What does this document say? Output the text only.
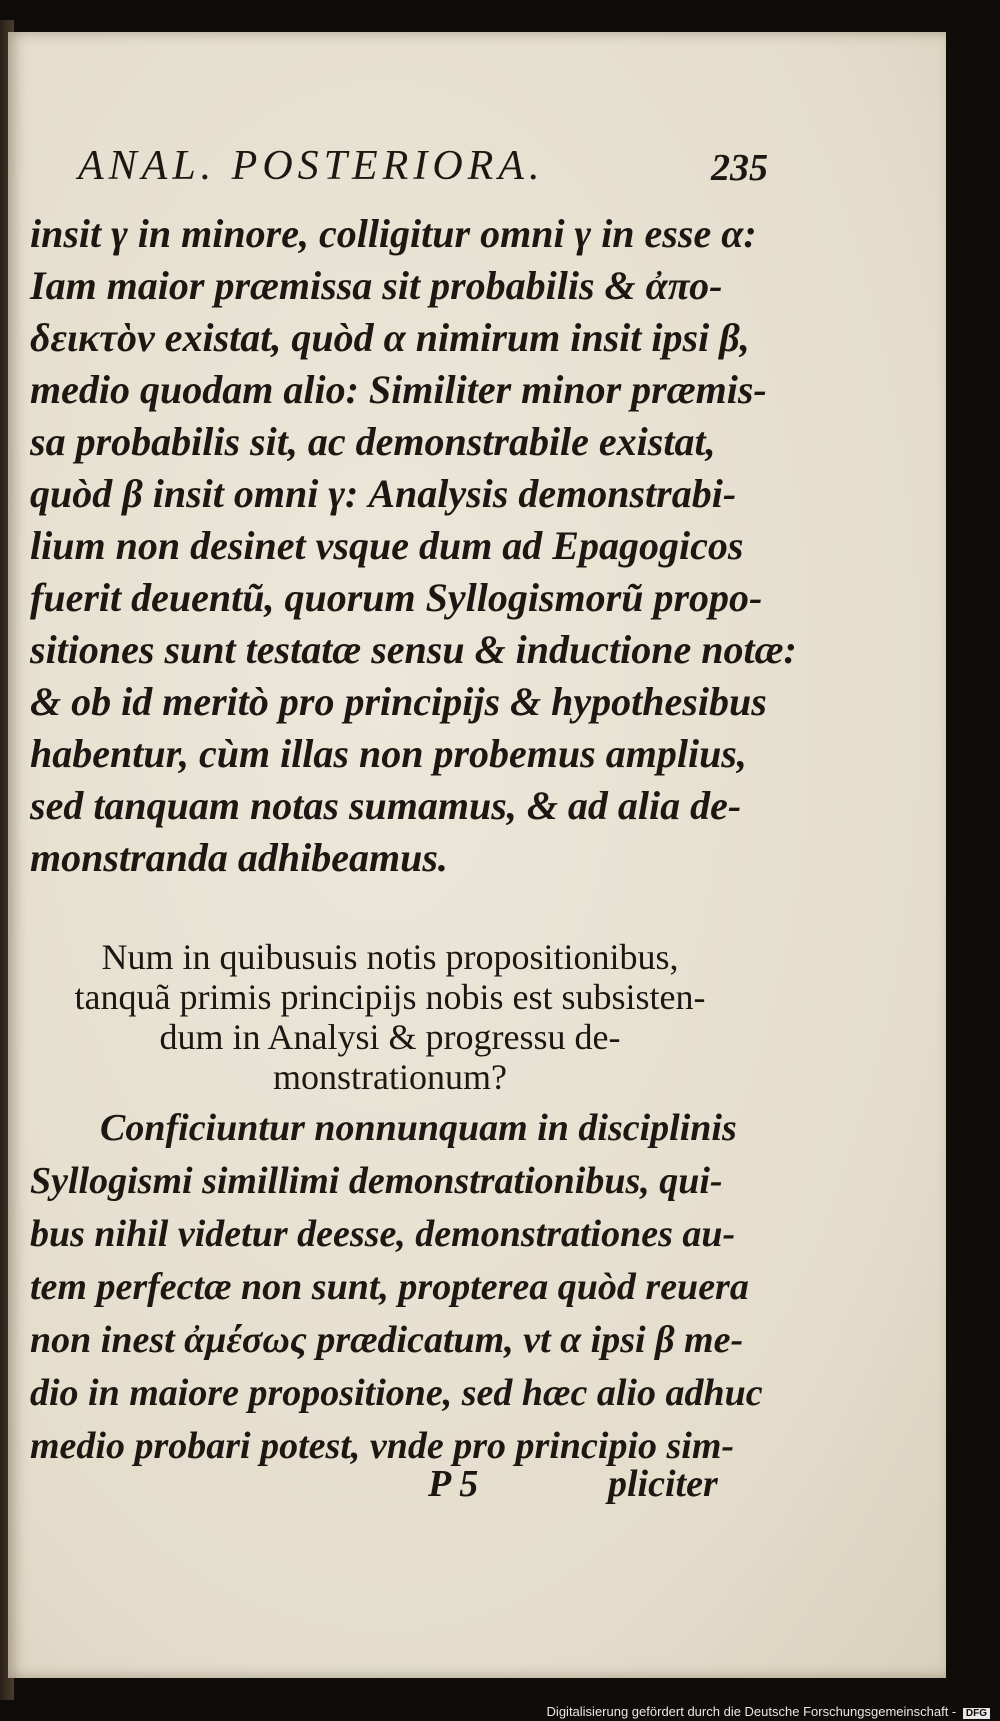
ANAL. POSTERIORA.	235
insit γ in minore, colligitur omni γ in esse α:
Iam maior præmissa sit probabilis & ἀπο-
δεικτὸν existat, quòd α nimirum insit ipsi β,
medio quodam alio: Similiter minor præmis-
sa probabilis sit, ac demonstrabile existat,
quòd β insit omni γ: Analysis demonstrabi-
lium non desinet vsque dum ad Epagogicos
fuerit deuentũ, quorum Syllogismorũ propo-
sitiones sunt testatæ sensu & inductione notæ:
& ob id meritò pro principijs & hypothesibus
habentur, cùm illas non probemus amplius,
sed tanquam notas sumamus, & ad alia de-
monstranda adhibeamus.
Num in quibusuis notis propositionibus,
tanquã primis principijs nobis est subsisten-
dum in Analysi & progressu de-
monstrationum?
Conficiuntur nonnunquam in disciplinis
Syllogismi simillimi demonstrationibus, qui-
bus nihil videtur deesse, demonstrationes au-
tem perfectæ non sunt, propterea quòd reuera
non inest ἀμέσως prædicatum, vt α ipsi β me-
dio in maiore propositione, sed hæc alio adhuc
medio probari potest, vnde pro principio sim-
P 5	pliciter
Digitalisierung gefördert durch die Deutsche Forschungsgemeinschaft - DFG
